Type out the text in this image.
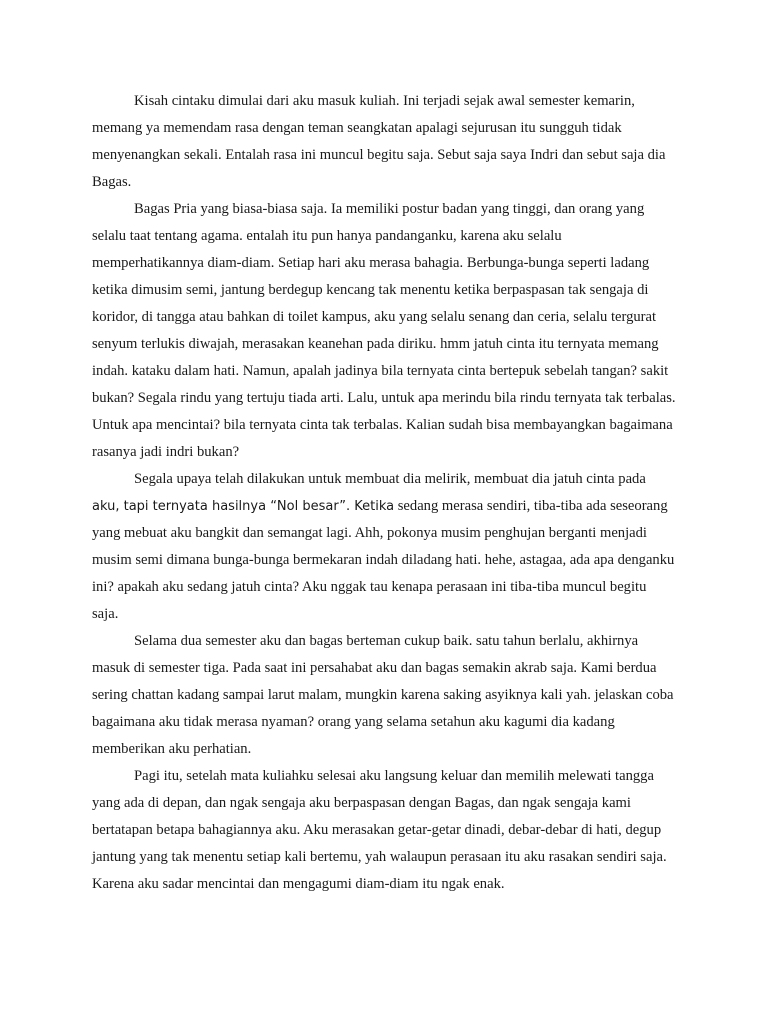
Kisah cintaku dimulai dari aku masuk kuliah. Ini terjadi sejak awal semester kemarin, memang ya memendam rasa dengan teman seangkatan apalagi sejurusan itu sungguh tidak menyenangkan sekali. Entalah rasa ini muncul begitu saja. Sebut saja saya Indri dan sebut saja dia Bagas.

Bagas Pria yang biasa-biasa saja. Ia memiliki postur badan yang tinggi, dan orang yang selalu taat tentang agama. entalah itu pun hanya pandanganku, karena aku selalu memperhatikannya diam-diam. Setiap hari aku merasa bahagia. Berbunga-bunga seperti ladang ketika dimusim semi, jantung berdegup kencang tak menentu ketika berpaspasan tak sengaja di koridor, di tangga atau bahkan di toilet kampus, aku yang selalu senang dan ceria, selalu tergurat senyum terlukis diwajah, merasakan keanehan pada diriku. hmm jatuh cinta itu ternyata memang indah. kataku dalam hati. Namun, apalah jadinya bila ternyata cinta bertepuk sebelah tangan? sakit bukan? Segala rindu yang tertuju tiada arti. Lalu, untuk apa merindu bila rindu ternyata tak terbalas. Untuk apa mencintai? bila ternyata cinta tak terbalas. Kalian sudah bisa membayangkan bagaimana rasanya jadi indri bukan?

Segala upaya telah dilakukan untuk membuat dia melirik, membuat dia jatuh cinta pada aku, tapi ternyata hasilnya “Nol besar”. Ketika sedang merasa sendiri, tiba-tiba ada seseorang yang mebuat aku bangkit dan semangat lagi. Ahh, pokonya musim penghujan berganti menjadi musim semi dimana bunga-bunga bermekaran indah diladang hati. hehe, astagaa, ada apa denganku ini? apakah aku sedang jatuh cinta? Aku nggak tau kenapa perasaan ini tiba-tiba muncul begitu saja.

Selama dua semester aku dan bagas berteman cukup baik. satu tahun berlalu, akhirnya masuk di semester tiga. Pada saat ini persahabat aku dan bagas semakin akrab saja. Kami berdua sering chattan kadang sampai larut malam, mungkin karena saking asyiknya kali yah. jelaskan coba bagaimana aku tidak merasa nyaman? orang yang selama setahun aku kagumi dia kadang memberikan aku perhatian.

Pagi itu, setelah mata kuliahku selesai aku langsung keluar dan memilih melewati tangga yang ada di depan, dan ngak sengaja aku berpaspasan dengan Bagas, dan ngak sengaja kami bertatapan betapa bahagiannya aku. Aku merasakan getar-getar dinadi, debar-debar di hati, degup jantung yang tak menentu setiap kali bertemu, yah walaupun perasaan itu aku rasakan sendiri saja. Karena aku sadar mencintai dan mengagumi diam-diam itu ngak enak.
